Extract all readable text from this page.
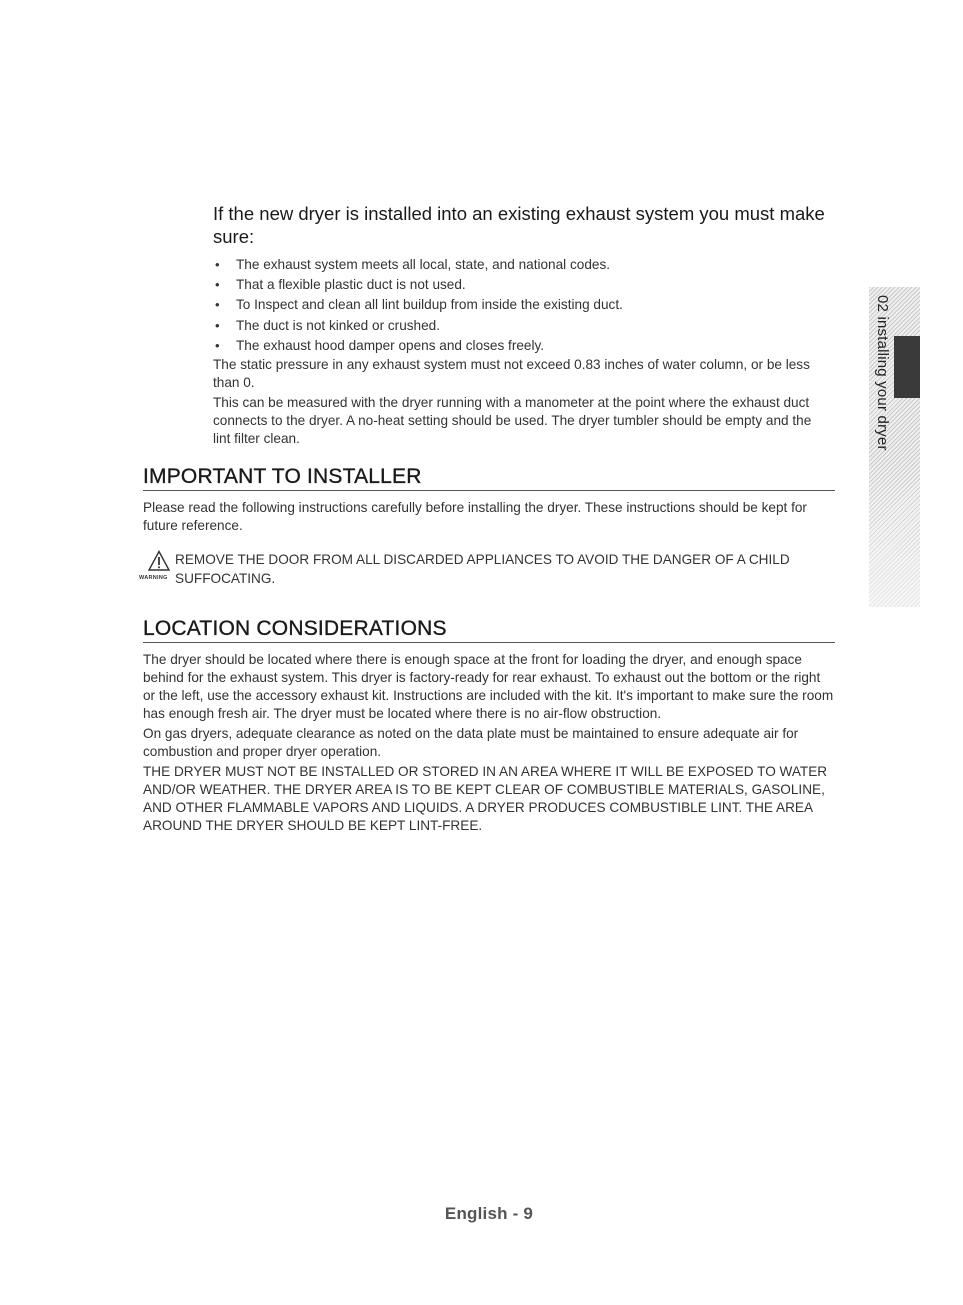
If the new dryer is installed into an existing exhaust system you must make sure:
• The exhaust system meets all local, state, and national codes.
• That a flexible plastic duct is not used.
• To Inspect and clean all lint buildup from inside the existing duct.
• The duct is not kinked or crushed.
• The exhaust hood damper opens and closes freely.

The static pressure in any exhaust system must not exceed 0.83 inches of water column, or be less than 0.

This can be measured with the dryer running with a manometer at the point where the exhaust duct connects to the dryer. A no-heat setting should be used. The dryer tumbler should be empty and the lint filter clean.

IMPORTANT TO INSTALLER

Please read the following instructions carefully before installing the dryer. These instructions should be kept for future reference.

WARNING
REMOVE THE DOOR FROM ALL DISCARDED APPLIANCES TO AVOID THE DANGER OF A CHILD SUFFOCATING.
LOCATION CONSIDERATIONS

The dryer should be located where there is enough space at the front for loading the dryer, and enough space behind for the exhaust system. This dryer is factory-ready for rear exhaust. To exhaust out the bottom or the right or the left, use the accessory exhaust kit. Instructions are included with the kit. It's important to make sure the room has enough fresh air. The dryer must be located where there is no air-flow obstruction.

On gas dryers, adequate clearance as noted on the data plate must be maintained to ensure adequate air for combustion and proper dryer operation.

THE DRYER MUST NOT BE INSTALLED OR STORED IN AN AREA WHERE IT WILL BE EXPOSED TO WATER AND/OR WEATHER. THE DRYER AREA IS TO BE KEPT CLEAR OF COMBUSTIBLE MATERIALS, GASOLINE, AND OTHER FLAMMABLE VAPORS AND LIQUIDS. A DRYER PRODUCES COMBUSTIBLE LINT. THE AREA AROUND THE DRYER SHOULD BE KEPT LINT-FREE.

02 installing your dryer
English - 9
